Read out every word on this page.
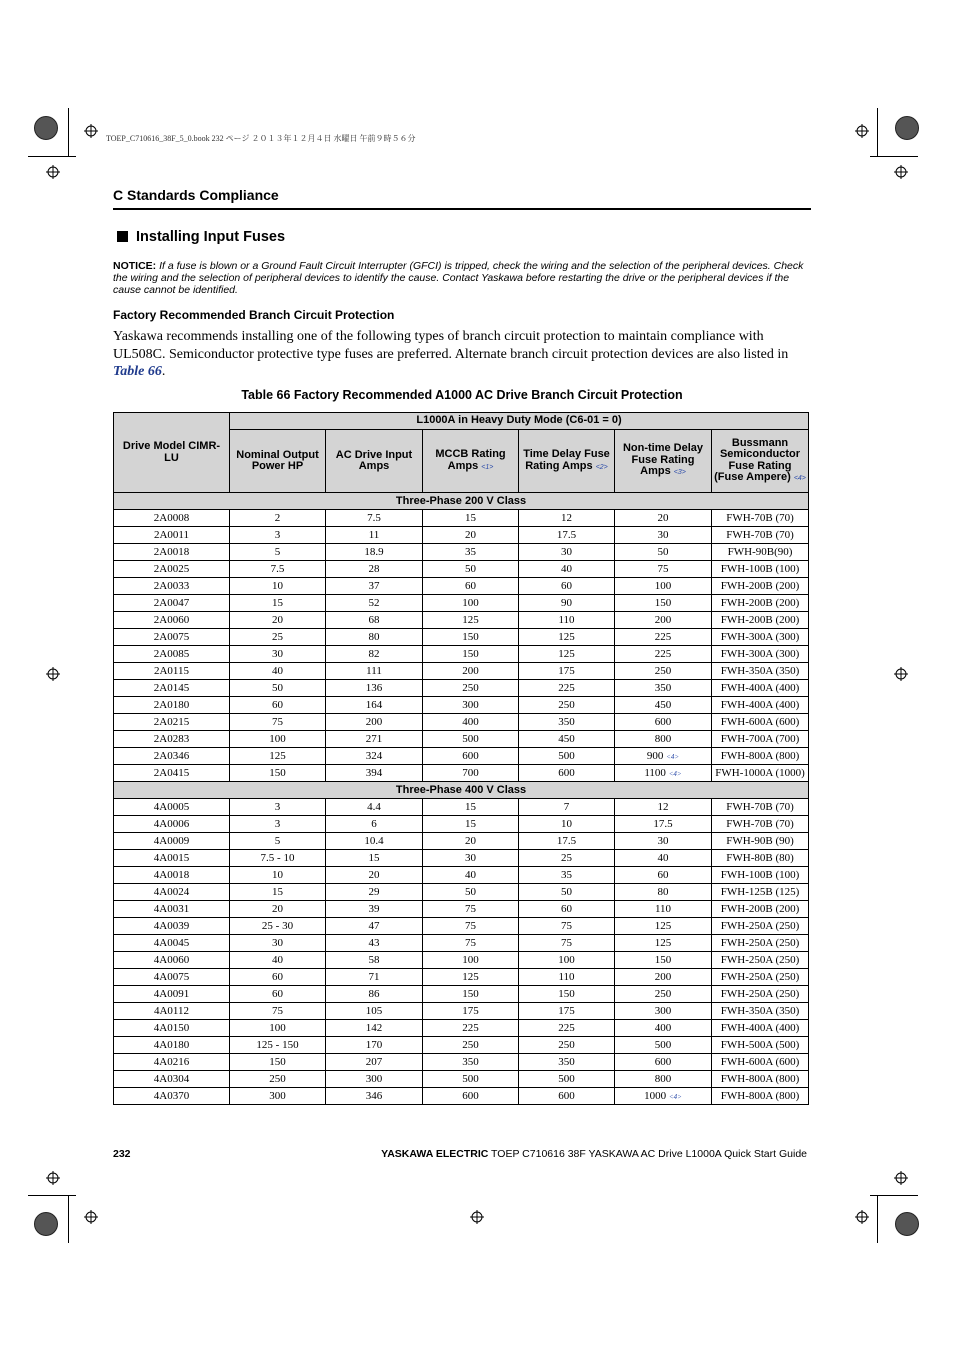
TOEP_C710616_38F_5_0.book 232 ページ ２０１３年１２月４日 水曜日 午前９時５６分
C Standards Compliance
Installing Input Fuses
NOTICE: If a fuse is blown or a Ground Fault Circuit Interrupter (GFCI) is tripped, check the wiring and the selection of the peripheral devices. Check the wiring and the selection of peripheral devices to identify the cause. Contact Yaskawa before restarting the drive or the peripheral devices if the cause cannot be identified.
Factory Recommended Branch Circuit Protection
Yaskawa recommends installing one of the following types of branch circuit protection to maintain compliance with UL508C. Semiconductor protective type fuses are preferred. Alternate branch circuit protection devices are also listed in Table 66.
Table 66 Factory Recommended A1000 AC Drive Branch Circuit Protection
Drive Model CIMR-LU	L1000A in Heavy Duty Mode (C6-01 = 0)					
	Nominal Output Power HP	AC Drive Input Amps	MCCB Rating Amps <1>	Time Delay Fuse Rating Amps <2>	Non-time Delay Fuse Rating Amps <3>	Bussmann Semiconductor Fuse Rating (Fuse Ampere) <4>
Three-Phase 200 V Class						
2A0008	2	7.5	15	12	20	FWH-70B (70)
2A0011	3	11	20	17.5	30	FWH-70B (70)
2A0018	5	18.9	35	30	50	FWH-90B(90)
2A0025	7.5	28	50	40	75	FWH-100B (100)
2A0033	10	37	60	60	100	FWH-200B (200)
2A0047	15	52	100	90	150	FWH-200B (200)
2A0060	20	68	125	110	200	FWH-200B (200)
2A0075	25	80	150	125	225	FWH-300A (300)
2A0085	30	82	150	125	225	FWH-300A (300)
2A0115	40	111	200	175	250	FWH-350A (350)
2A0145	50	136	250	225	350	FWH-400A (400)
2A0180	60	164	300	250	450	FWH-400A (400)
2A0215	75	200	400	350	600	FWH-600A (600)
2A0283	100	271	500	450	800	FWH-700A (700)
2A0346	125	324	600	500	900 <4>	FWH-800A (800)
2A0415	150	394	700	600	1100 <4>	FWH-1000A (1000)
Three-Phase 400 V Class						
4A0005	3	4.4	15	7	12	FWH-70B (70)
4A0006	3	6	15	10	17.5	FWH-70B (70)
4A0009	5	10.4	20	17.5	30	FWH-90B (90)
4A0015	7.5 - 10	15	30	25	40	FWH-80B (80)
4A0018	10	20	40	35	60	FWH-100B (100)
4A0024	15	29	50	50	80	FWH-125B (125)
4A0031	20	39	75	60	110	FWH-200B (200)
4A0039	25 - 30	47	75	75	125	FWH-250A (250)
4A0045	30	43	75	75	125	FWH-250A (250)
4A0060	40	58	100	100	150	FWH-250A (250)
4A0075	60	71	125	110	200	FWH-250A (250)
4A0091	60	86	150	150	250	FWH-250A (250)
4A0112	75	105	175	175	300	FWH-350A (350)
4A0150	100	142	225	225	400	FWH-400A (400)
4A0180	125 - 150	170	250	250	500	FWH-500A (500)
4A0216	150	207	350	350	600	FWH-600A (600)
4A0304	250	300	500	500	800	FWH-800A (800)
4A0370	300	346	600	600	1000 <4>	FWH-800A (800)
232	YASKAWA ELECTRIC TOEP C710616 38F YASKAWA AC Drive L1000A Quick Start Guide
